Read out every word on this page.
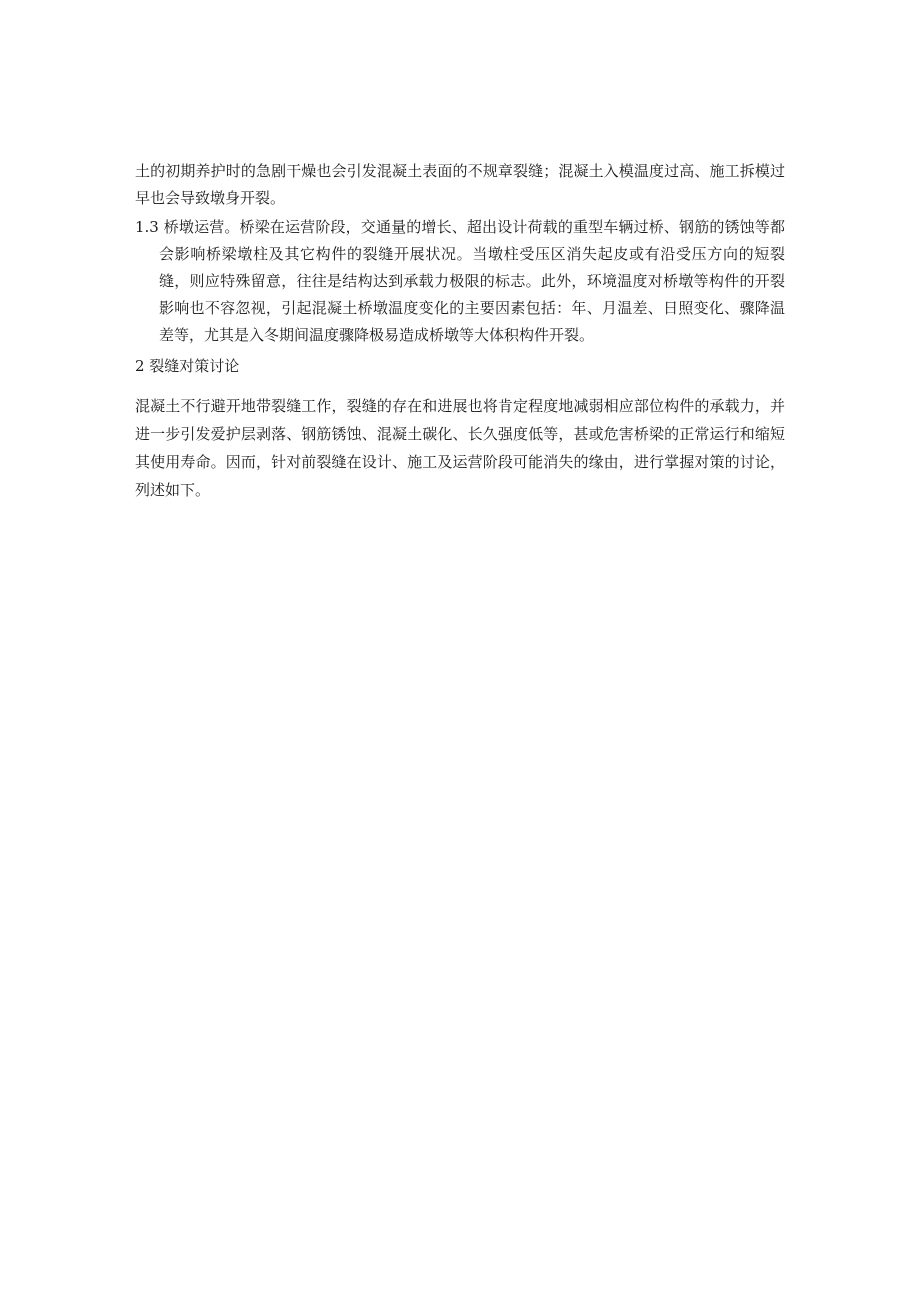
土的初期养护时的急剧干燥也会引发混凝土表面的不规章裂缝；混凝土入模温度过高、施工拆模过早也会导致墩身开裂。

1.3 桥墩运营。桥梁在运营阶段，交通量的增长、超出设计荷载的重型车辆过桥、钢筋的锈蚀等都会影响桥梁墩柱及其它构件的裂缝开展状况。当墩柱受压区消失起皮或有沿受压方向的短裂缝，则应特殊留意，往往是结构达到承载力极限的标志。此外，环境温度对桥墩等构件的开裂影响也不容忽视，引起混凝土桥墩温度变化的主要因素包括：年、月温差、日照变化、骤降温差等，尤其是入冬期间温度骤降极易造成桥墩等大体积构件开裂。

2 裂缝对策讨论

混凝土不行避开地带裂缝工作，裂缝的存在和进展也将肯定程度地减弱相应部位构件的承载力，并进一步引发爱护层剥落、钢筋锈蚀、混凝土碳化、长久强度低等，甚或危害桥梁的正常运行和缩短其使用寿命。因而，针对前裂缝在设计、施工及运营阶段可能消失的缘由，进行掌握对策的讨论，列述如下。
